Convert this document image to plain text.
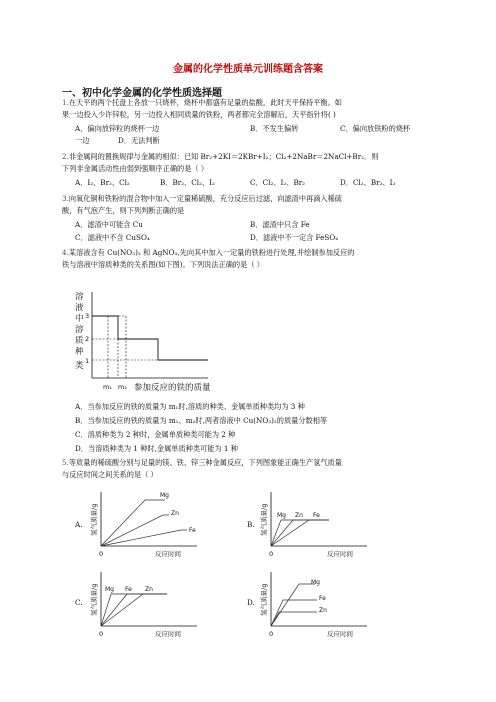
金属的化学性质单元训练题含答案
一、初中化学金属的化学性质选择题
1.在天平的两个托盘上各放一只烧杯，烧杯中都盛有足量的盐酸，此时天平保持平衡。如
果一边投入少许锌粒，另一边投入相同质量的铁粉，两者都完全溶解后，天平指针将( )
A．偏向放锌粒的烧杯一边	B．不发生偏转	C．偏向放铁粉的烧杯
一边	D．无法判断
2.非金属间的置换规律与金属的相似：已知 Br₂+2KI＝2KBr+I₂；Cl₂+2NaBr＝2NaCl+Br₂．则
下列非金属活动性由弱到强顺序正确的是（ ）
A．I₂、Br₂、Cl₂	B．Br₂、Cl₂、I₂	C．Cl₂、I₂、Br₂	D．Cl₂、Br₂、I₂
3.向氧化铜和铁粉的混合物中加入一定量稀硫酸，充分反应后过滤，向滤渣中再滴入稀硫
酸，有气泡产生，则下列判断正确的是
A．滤渣中可能含 Cu	B．滤渣中只含 Fe
C．滤液中不含 CuSO₄	D．滤液中不一定含 FeSO₄
4.某溶液含有 Cu(NO₃)₂ 和 AgNO₃,先向其中加入一定量的铁粉进行处理,并绘制参加反应的
铁与溶液中溶质种类的关系图(如下图)。下列说法正确的是（ ）
溶
液
中
溶
质
种
类
3
2
1
m₁ m₂ 参加反应的铁的质量
A．当参加反应的铁的质量为 m₁时,溶质的种类、金属单质种类均为 3 种
B．当参加反应的铁的质量为 m₁、m₂时,两者溶液中 Cu(NO₃)₂的质量分数相等
C．溶质种类为 2 种时，金属单质种类可能为 2 种
D．当溶质种类为 1 种时,金属单质种类可能为 1 种
5.等质量的稀硫酸分别与足量的镁、铁、锌三种金属反应，下列图象能正确生产氢气质量
与反应时间之间关系的是（ ）
A.	B.
C.	D.
氢气质量/g
Mg
Zn
Fe
0	反应时间
氢气质量/g Mg Zn Fe
0	反应时间
氢气质量/g Mg Fe Zn
0	反应时间
氢气质量/g
Mg
Fe
Zn
0	反应时间
